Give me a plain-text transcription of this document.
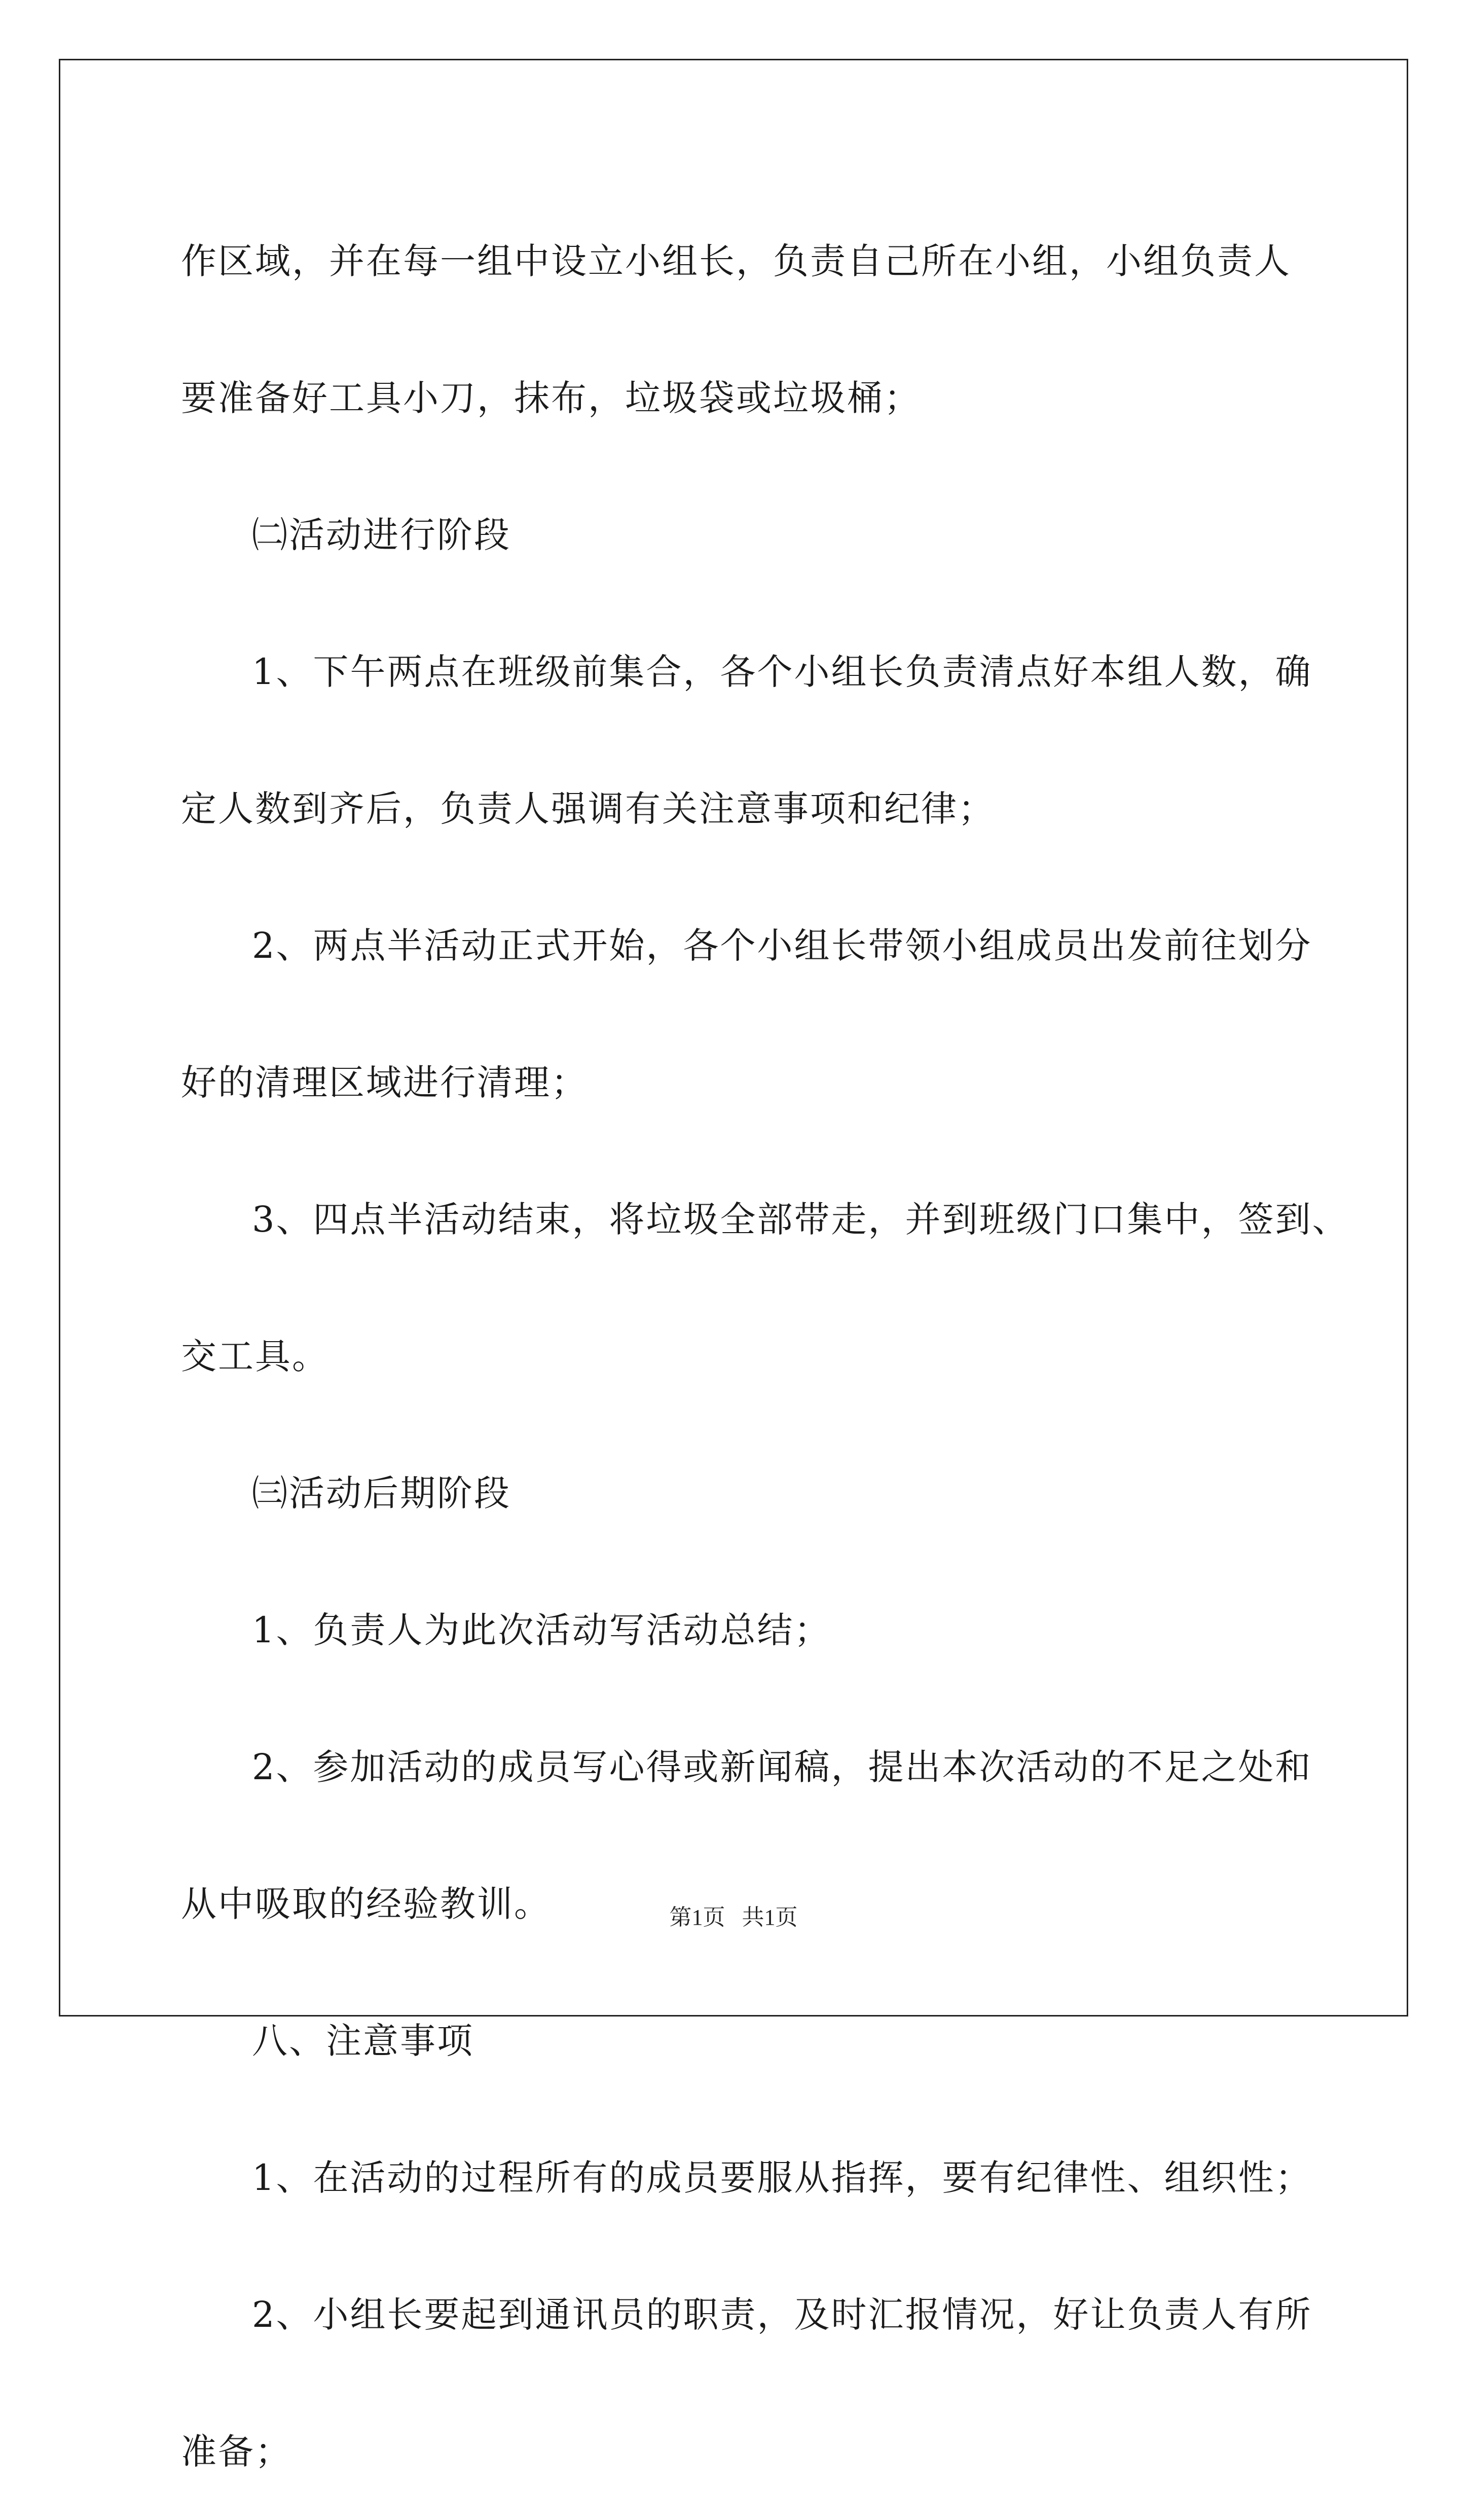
作区域，并在每一组中设立小组长，负责自己所在小组，小组负责人

要准备好工具小刀，抹布，垃圾袋或垃圾桶；

㈡活动进行阶段

1、下午两点在班级前集合，各个小组长负责清点好本组人数，确

定人数到齐后，负责人强调有关注意事项和纪律；

2、两点半活动正式开始，各个小组长带领小组成员出发前往划分

好的清理区域进行清理；

3、四点半活动结束，将垃圾全部带走，并到班级门口集中，签到、

交工具。

㈢活动后期阶段

1、负责人为此次活动写活动总结；

2、参加活动的成员写心得或新闻稿，提出本次活动的不足之处和

从中吸取的经验教训。

八、注意事项

1、在活动的过程所有的成员要服从指挥，要有纪律性、组织性；

2、小组长要起到通讯员的职责，及时汇报情况，好让负责人有所

准备；

第1页   共1页
